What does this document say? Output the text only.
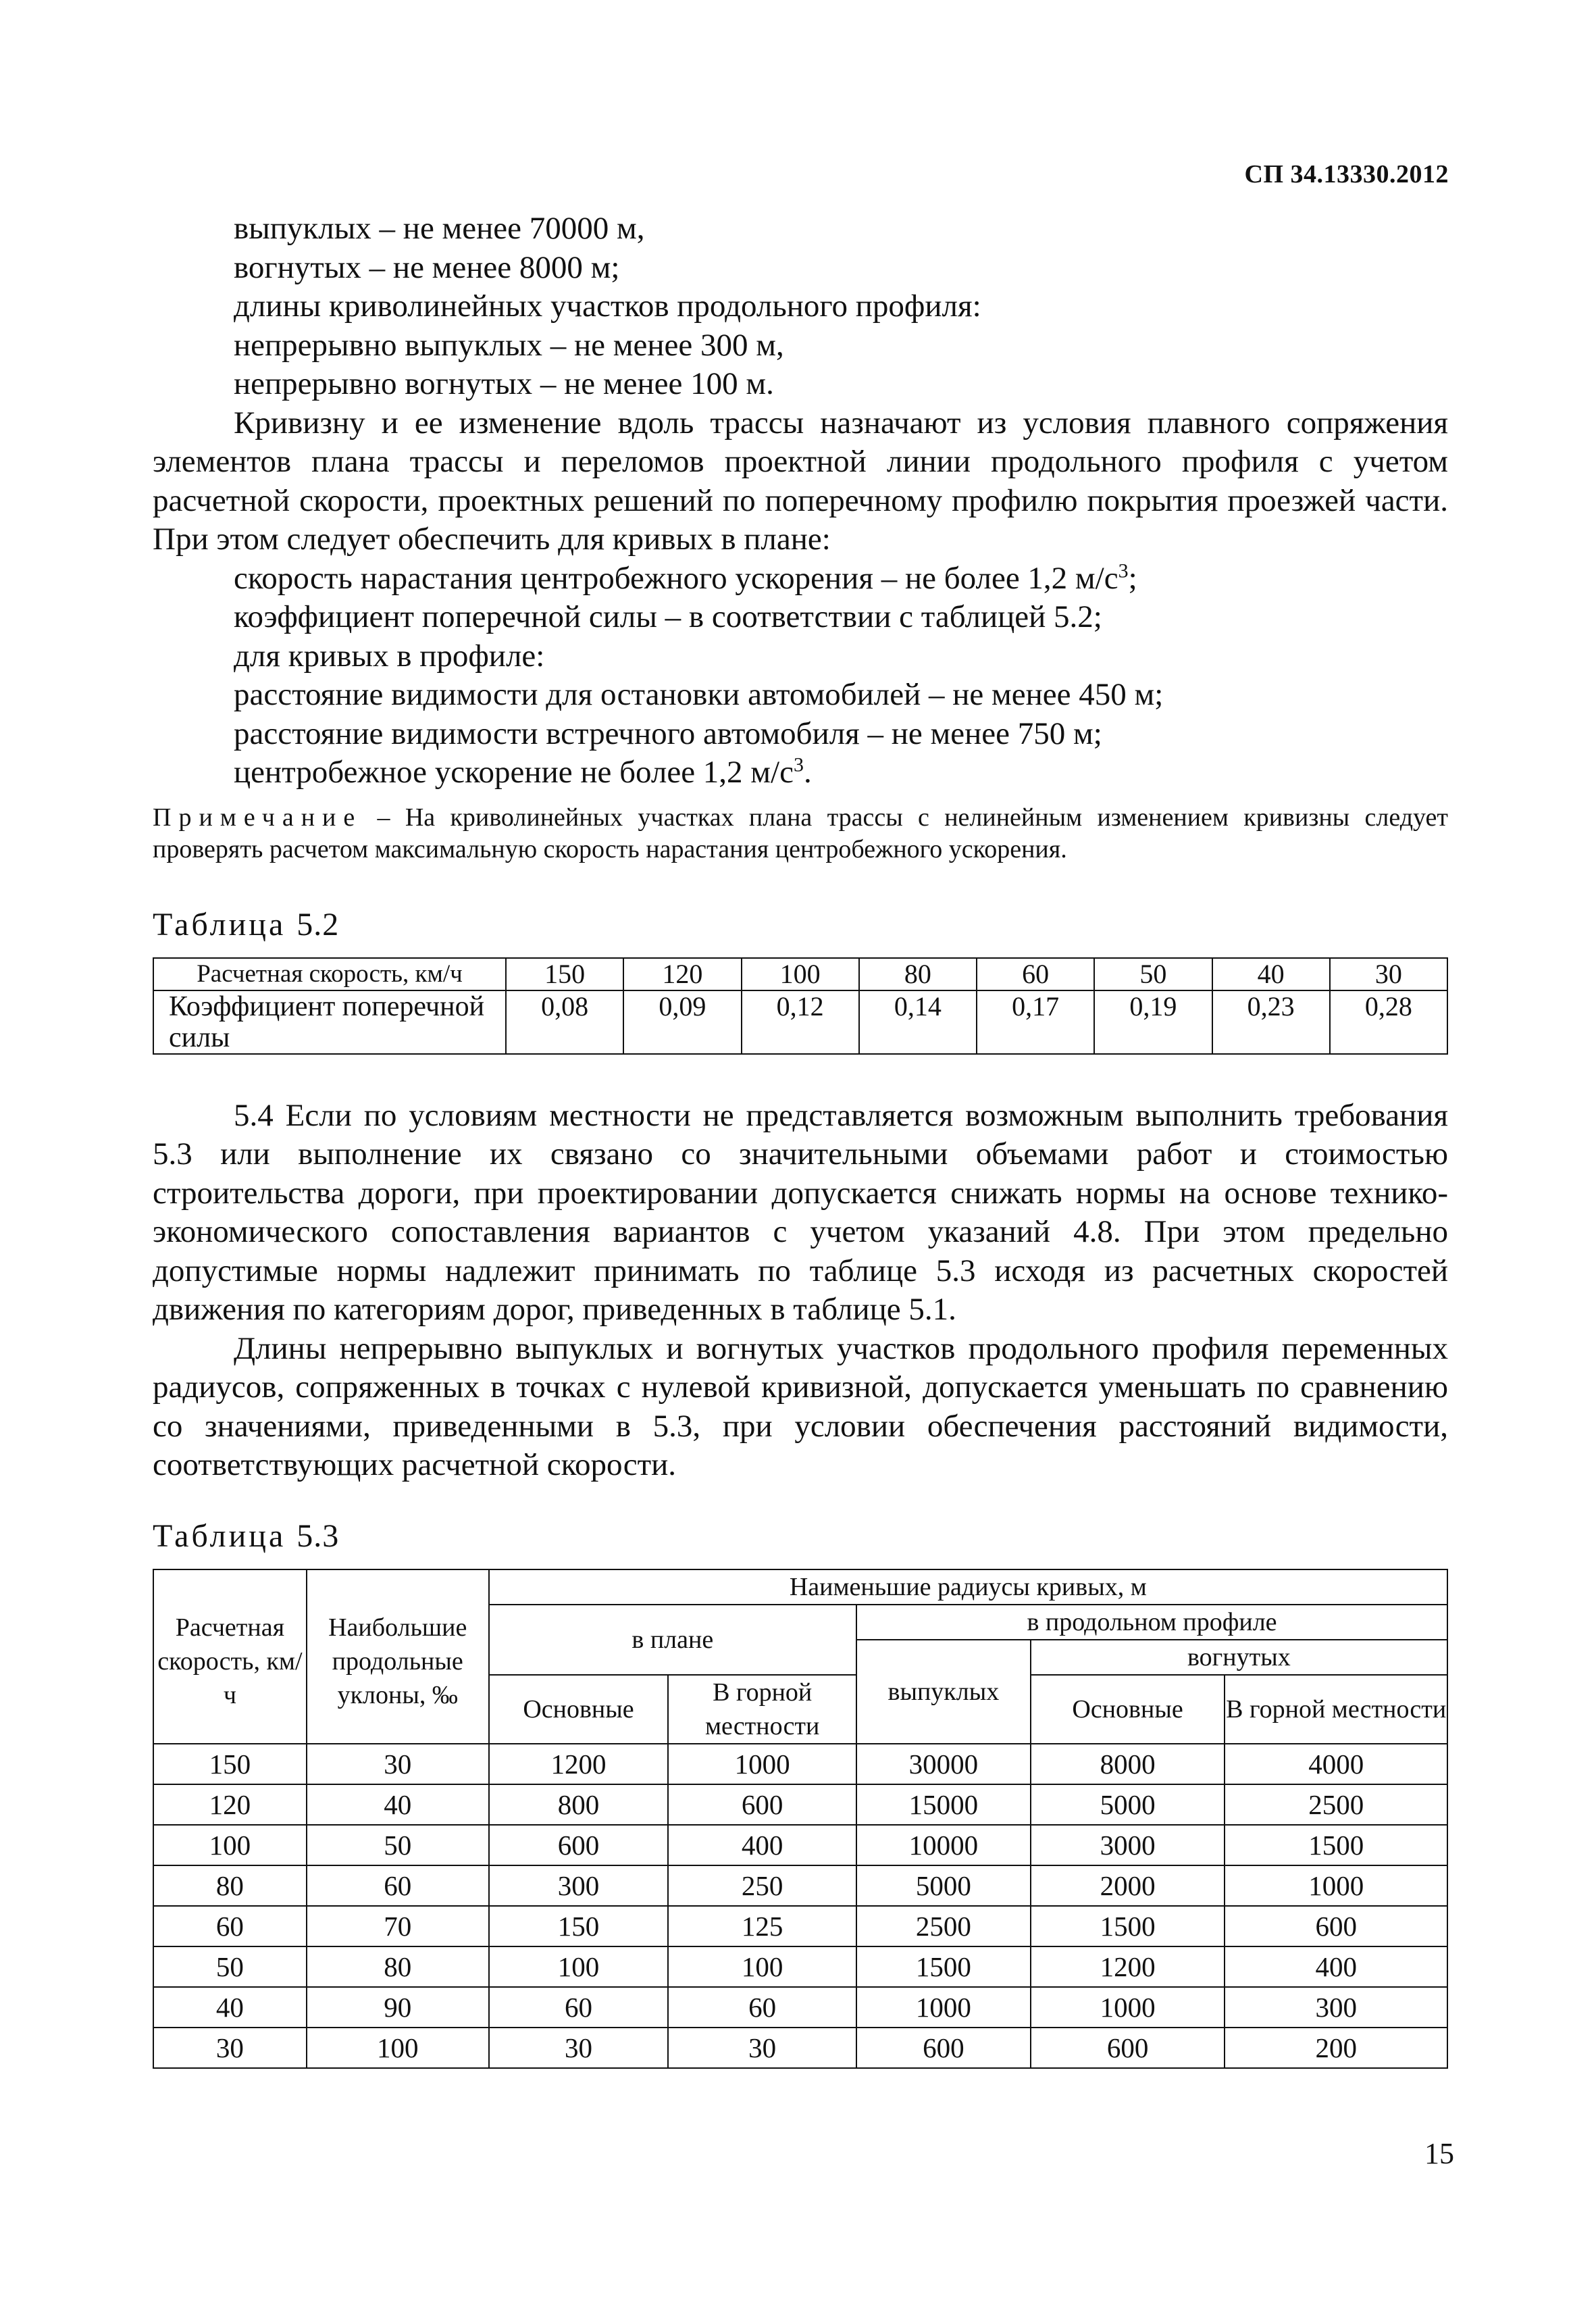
СП 34.13330.2012
выпуклых – не менее 70000 м,
вогнутых – не менее 8000 м;
длины криволинейных участков продольного профиля:
непрерывно выпуклых – не менее 300 м,
непрерывно вогнутых – не менее 100 м.

Кривизну и ее изменение вдоль трассы назначают из условия плавного сопряжения элементов плана трассы и переломов проектной линии продольного профиля с учетом расчетной скорости, проектных решений по поперечному профилю покрытия проезжей части. При этом следует обеспечить для кривых в плане:

скорость нарастания центробежного ускорения – не более 1,2 $м/с^3$;
коэффициент поперечной силы – в соответствии с таблицей 5.2;
для кривых в профиле:
расстояние видимости для остановки автомобилей – не менее 450 м;
расстояние видимости встречного автомобиля – не менее 750 м;
центробежное ускорение не более 1,2 $м/с^3$.

Примечание – На криволинейных участках плана трассы с нелинейным изменением кривизны следует проверять расчетом максимальную скорость нарастания центробежного ускорения.

Таблица 5.2
Расчетная скорость, км/ч	150	120	100	80	60	50	40	30
Коэффициент поперечной силы	0,08	0,09	0,12	0,14	0,17	0,19	0,23	0,28

5.4 Если по условиям местности не представляется возможным выполнить требования 5.3 или выполнение их связано со значительными объемами работ и стоимостью строительства дороги, при проектировании допускается снижать нормы на основе технико-экономического сопоставления вариантов с учетом указаний 4.8. При этом предельно допустимые нормы надлежит принимать по таблице 5.3 исходя из расчетных скоростей движения по категориям дорог, приведенных в таблице 5.1.

Длины непрерывно выпуклых и вогнутых участков продольного профиля переменных радиусов, сопряженных в точках с нулевой кривизной, допускается уменьшать по сравнению со значениями, приведенными в 5.3, при условии обеспечения расстояний видимости, соответствующих расчетной скорости.

Таблица 5.3
Расчетная скорость, км/ч	Наибольшие продольные уклоны, ‰	Наименьшие радиусы кривых, м				
		в плане		в продольном профиле		
				выпуклых	вогнутых	
		Основные	В горной местности		Основные	В горной местности
150	30	1200	1000	30000	8000	4000
120	40	800	600	15000	5000	2500
100	50	600	400	10000	3000	1500
80	60	300	250	5000	2000	1000
60	70	150	125	2500	1500	600
50	80	100	100	1500	1200	400
40	90	60	60	1000	1000	300
30	100	30	30	600	600	200
15
